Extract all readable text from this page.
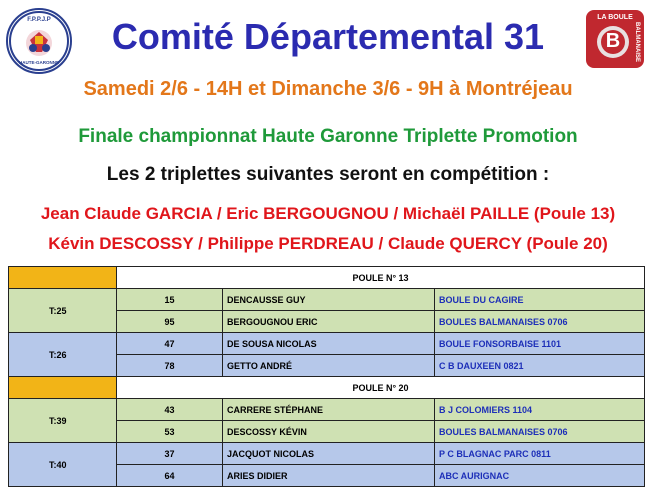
F.P.P.J.P
HAUTE-GARONNE
LA BOULE
B	BALMANAISE
Comité Départemental 31
Samedi 2/6 - 14H et Dimanche 3/6 - 9H à Montréjeau
Finale championnat Haute Garonne Triplette Promotion
Les 2 triplettes suivantes seront en compétition :
Jean Claude GARCIA / Eric BERGOUGNOU / Michaël PAILLE (Poule 13)
Kévin DESCOSSY / Philippe PERDREAU / Claude QUERCY (Poule 20)
	POULE N° 13		
T:25	15	DENCAUSSE GUY	BOULE DU CAGIRE
	95	BERGOUGNOU ERIC	BOULES BALMANAISES 0706
T:26	47	DE SOUSA NICOLAS	BOULE FONSORBAISE 1101
	78	GETTO ANDRÉ	C B DAUXEEN 0821
	POULE N° 20		
T:39	43	CARRERE STÉPHANE	B J COLOMIERS 1104
	53	DESCOSSY KÉVIN	BOULES BALMANAISES 0706
T:40	37	JACQUOT NICOLAS	P C BLAGNAC PARC 0811
	64	ARIES DIDIER	ABC AURIGNAC
